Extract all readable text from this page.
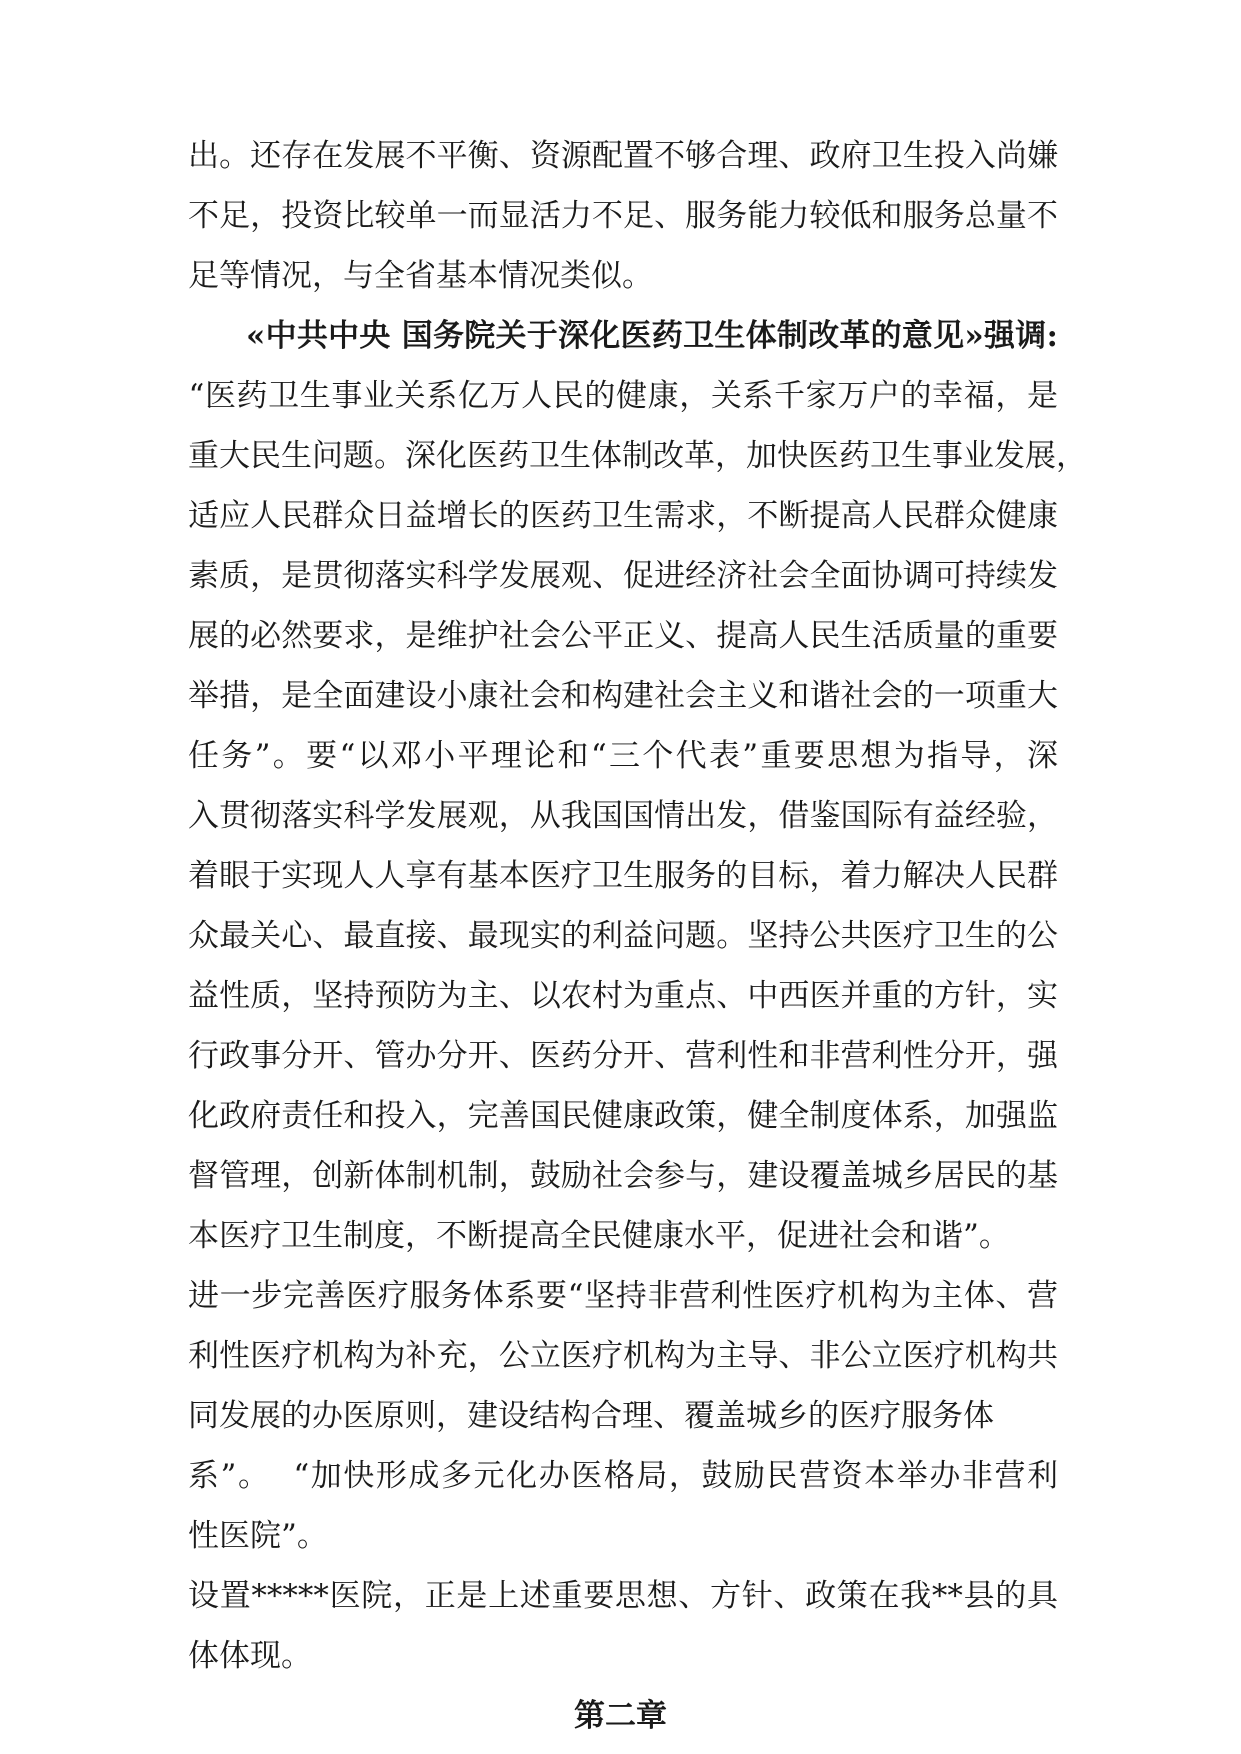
出。还存在发展不平衡、资源配置不够合理、政府卫生投入尚嫌
不足，投资比较单一而显活力不足、服务能力较低和服务总量不
足等情况，与全省基本情况类似。
«中共中央 国务院关于深化医药卫生体制改革的意见»强调:
“医药卫生事业关系亿万人民的健康，关系千家万户的幸福，是
重大民生问题。深化医药卫生体制改革，加快医药卫生事业发展，
适应人民群众日益增长的医药卫生需求，不断提高人民群众健康
素质，是贯彻落实科学发展观、促进经济社会全面协调可持续发
展的必然要求，是维护社会公平正义、提高人民生活质量的重要
举措，是全面建设小康社会和构建社会主义和谐社会的一项重大
任务”。要“以邓小平理论和“三个代表”重要思想为指导，深
入贯彻落实科学发展观，从我国国情出发，借鉴国际有益经验，
着眼于实现人人享有基本医疗卫生服务的目标，着力解决人民群
众最关心、最直接、最现实的利益问题。坚持公共医疗卫生的公
益性质，坚持预防为主、以农村为重点、中西医并重的方针，实
行政事分开、管办分开、医药分开、营利性和非营利性分开，强
化政府责任和投入，完善国民健康政策，健全制度体系，加强监
督管理，创新体制机制，鼓励社会参与，建设覆盖城乡居民的基
本医疗卫生制度，不断提高全民健康水平，促进社会和谐”。
进一步完善医疗服务体系要“坚持非营利性医疗机构为主体、营
利性医疗机构为补充，公立医疗机构为主导、非公立医疗机构共
同发展的办医原则，建设结构合理、覆盖城乡的医疗服务体
系”。  “加快形成多元化办医格局，鼓励民营资本举办非营利
性医院”。
设置*****医院，正是上述重要思想、方针、政策在我**县的具
体体现。
第二章
